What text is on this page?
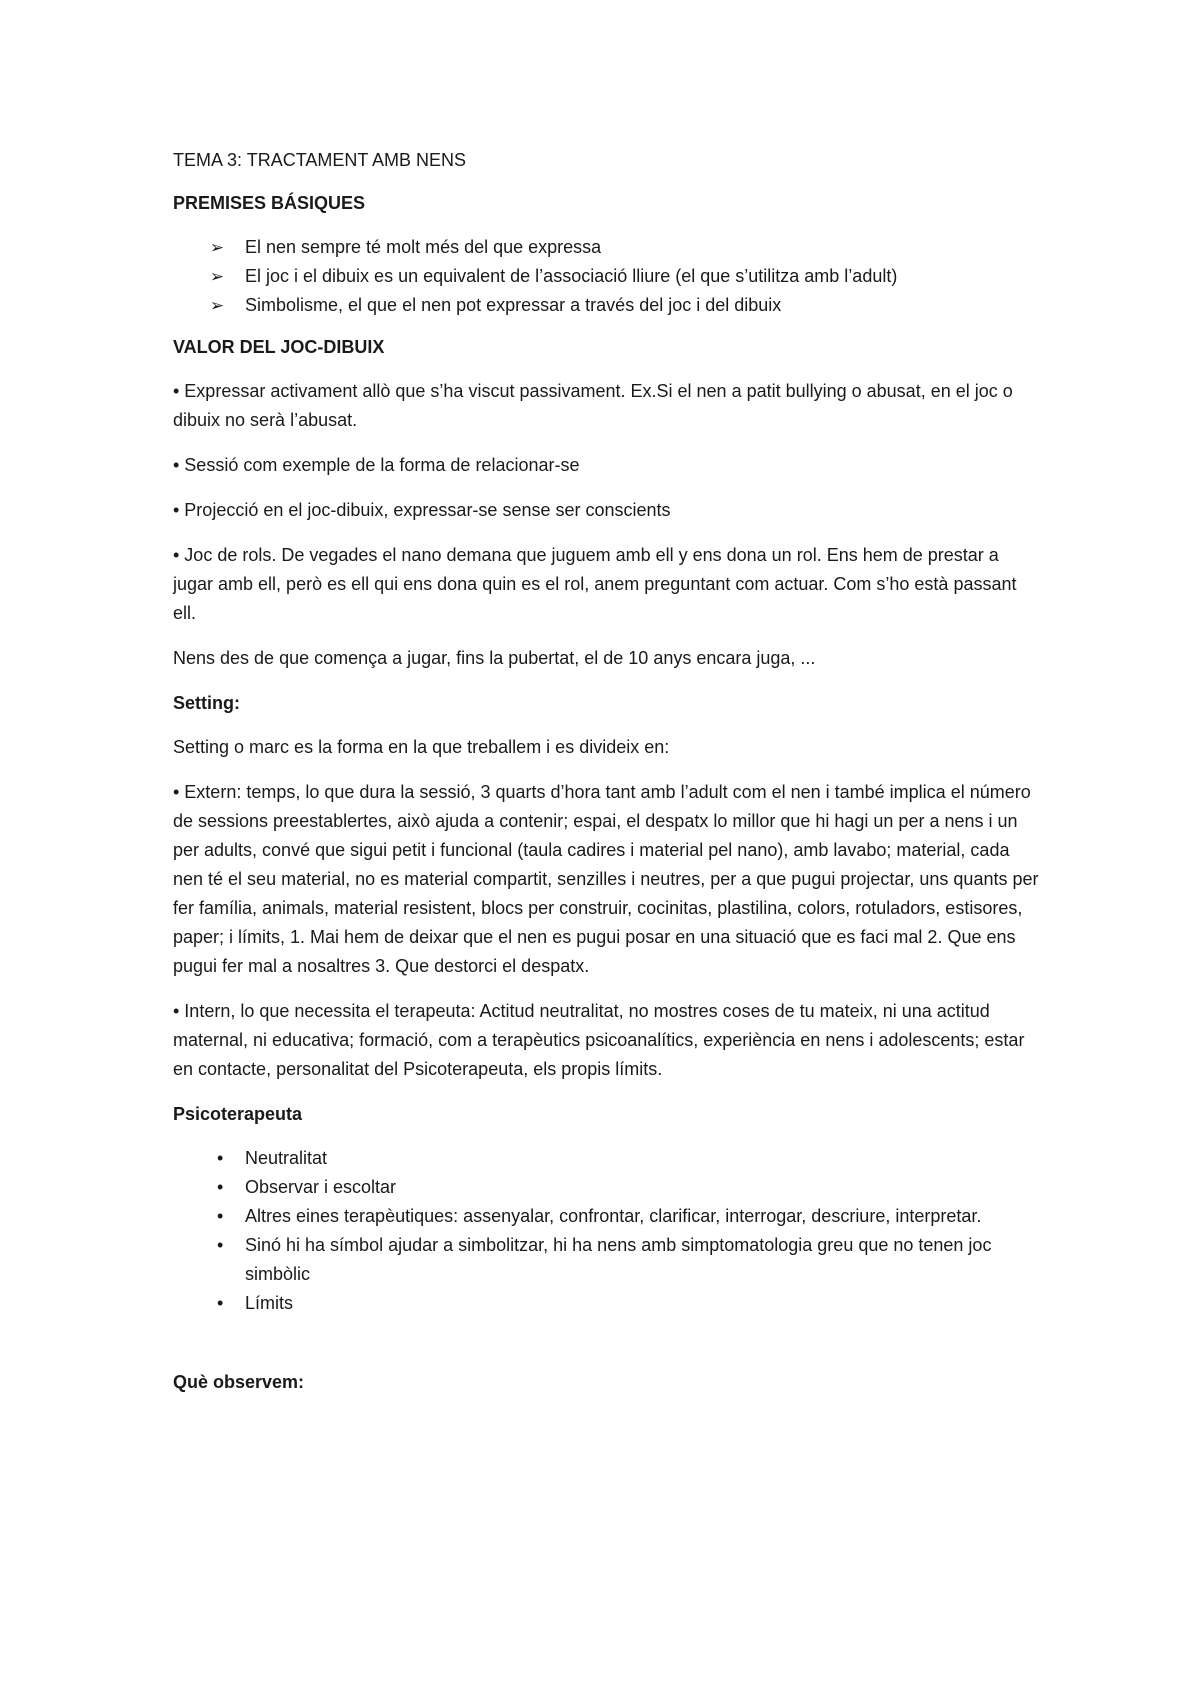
TEMA 3: TRACTAMENT AMB NENS
PREMISES BÁSIQUES
➢ El nen sempre té molt més del que expressa
➢ El joc i el dibuix es un equivalent de l’associació lliure (el que s’utilitza amb l’adult)
➢ Simbolisme, el que el nen pot expressar a través del joc i del dibuix
VALOR DEL JOC-DIBUIX

• Expressar activament allò que s’ha viscut passivament. Ex.Si el nen a patit bullying o abusat, en el joc o dibuix no serà l’abusat.

• Sessió com exemple de la forma de relacionar-se

• Projecció en el joc-dibuix, expressar-se sense ser conscients

• Joc de rols. De vegades el nano demana que juguem amb ell y ens dona un rol. Ens hem de prestar a jugar amb ell, però es ell qui ens dona quin es el rol, anem preguntant com actuar. Com s’ho està passant ell.

Nens des de que comença a jugar, fins la pubertat, el de 10 anys encara juga, ...

Setting:

Setting o marc es la forma en la que treballem i es divideix en:

• Extern: temps, lo que dura la sessió, 3 quarts d’hora tant amb l’adult com el nen i també implica el número de sessions preestablertes, això ajuda a contenir; espai, el despatx lo millor que hi hagi un per a nens i un per adults, convé que sigui petit i funcional (taula cadires i material pel nano), amb lavabo; material, cada nen té el seu material, no es material compartit, senzilles i neutres, per a que pugui projectar, uns quants per fer família, animals, material resistent, blocs per construir, cocinitas, plastilina, colors, rotuladors, estisores, paper; i límits, 1. Mai hem de deixar que el nen es pugui posar en una situació que es faci mal 2. Que ens pugui fer mal a nosaltres 3. Que destorci el despatx.

• Intern, lo que necessita el terapeuta: Actitud neutralitat, no mostres coses de tu mateix, ni una actitud maternal, ni educativa; formació, com a terapèutics psicoanalítics, experiència en nens i adolescents; estar en contacte, personalitat del Psicoterapeuta, els propis límits.

Psicoterapeuta
• Neutralitat
• Observar i escoltar
• Altres eines terapèutiques: assenyalar, confrontar, clarificar, interrogar, descriure, interpretar.
• Sinó hi ha símbol ajudar a simbolitzar, hi ha nens amb simptomatologia greu que no tenen joc simbòlic
• Límits
Què observem:
